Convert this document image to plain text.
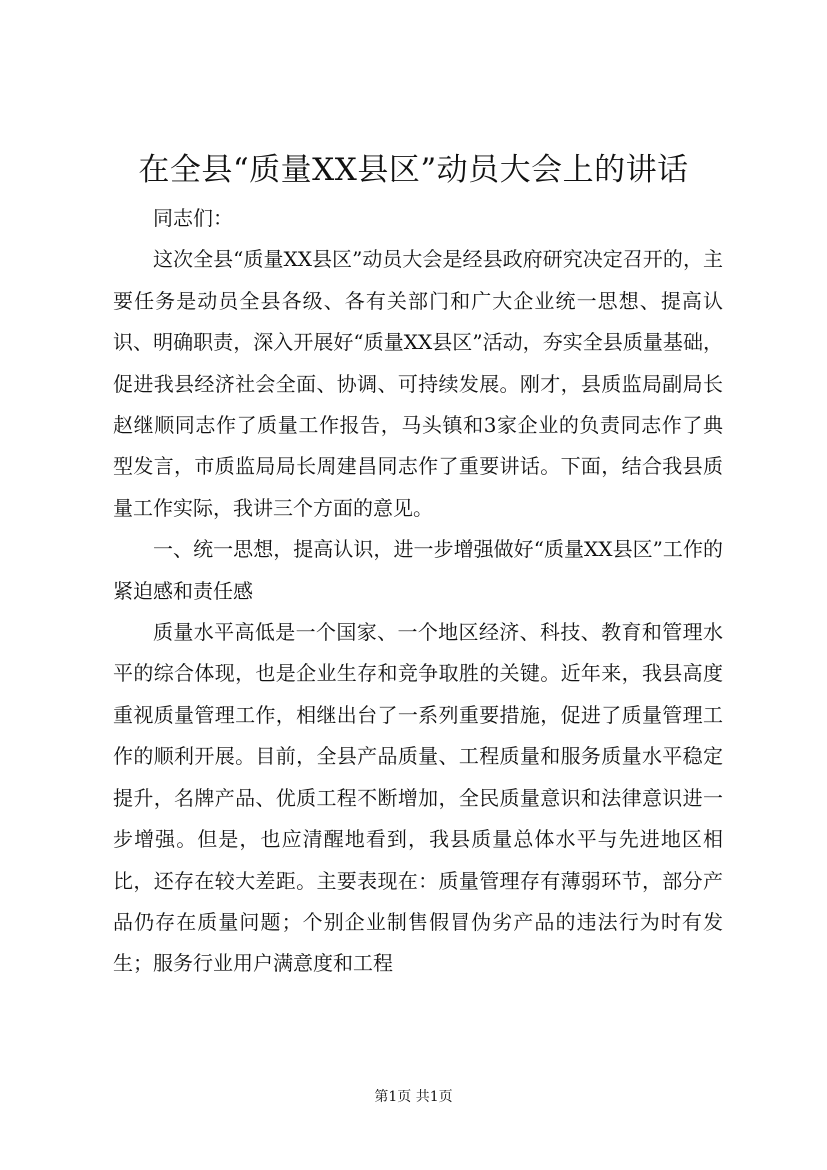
在全县“质量XX县区”动员大会上的讲话

同志们：

这次全县“质量XX县区”动员大会是经县政府研究决定召开的，主要任务是动员全县各级、各有关部门和广大企业统一思想、提高认识、明确职责，深入开展好“质量XX县区”活动，夯实全县质量基础，促进我县经济社会全面、协调、可持续发展。刚才，县质监局副局长赵继顺同志作了质量工作报告，马头镇和3家企业的负责同志作了典型发言，市质监局局长周建昌同志作了重要讲话。下面，结合我县质量工作实际，我讲三个方面的意见。

一、统一思想，提高认识，进一步增强做好“质量XX县区”工作的紧迫感和责任感

质量水平高低是一个国家、一个地区经济、科技、教育和管理水平的综合体现，也是企业生存和竞争取胜的关键。近年来，我县高度重视质量管理工作，相继出台了一系列重要措施，促进了质量管理工作的顺利开展。目前，全县产品质量、工程质量和服务质量水平稳定提升，名牌产品、优质工程不断增加，全民质量意识和法律意识进一步增强。但是，也应清醒地看到，我县质量总体水平与先进地区相比，还存在较大差距。主要表现在：质量管理存有薄弱环节，部分产品仍存在质量问题；个别企业制售假冒伪劣产品的违法行为时有发生；服务行业用户满意度和工程

第1页 共1页
